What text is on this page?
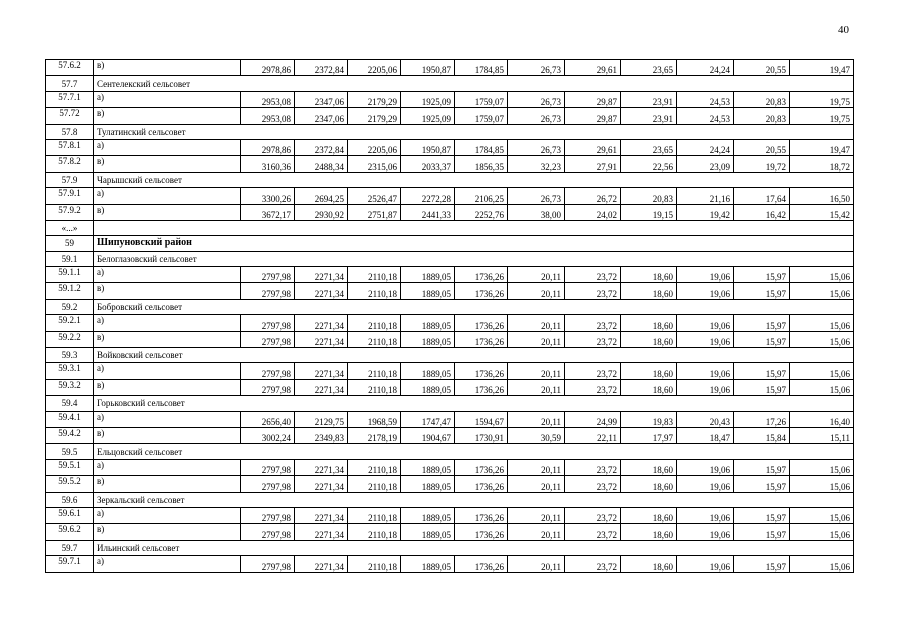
40
57.6.2	в)	2978,86	2372,84	2205,06	1950,87	1784,85	26,73	29,61	23,65	24,24	20,55	19,47
57.7	Сентелекский сельсовет											
57.7.1	а)	2953,08	2347,06	2179,29	1925,09	1759,07	26,73	29,87	23,91	24,53	20,83	19,75
57.72	в)	2953,08	2347,06	2179,29	1925,09	1759,07	26,73	29,87	23,91	24,53	20,83	19,75
57.8	Тулатинский сельсовет											
57.8.1	а)	2978,86	2372,84	2205,06	1950,87	1784,85	26,73	29,61	23,65	24,24	20,55	19,47
57.8.2	в)	3160,36	2488,34	2315,06	2033,37	1856,35	32,23	27,91	22,56	23,09	19,72	18,72
57.9	Чарышский сельсовет											
57.9.1	а)	3300,26	2694,25	2526,47	2272,28	2106,25	26,73	26,72	20,83	21,16	17,64	16,50
57.9.2	в)	3672,17	2930,92	2751,87	2441,33	2252,76	38,00	24,02	19,15	19,42	16,42	15,42
«...»												
59	Шипуновский район											
59.1	Белоглазовский сельсовет											
59.1.1	а)	2797,98	2271,34	2110,18	1889,05	1736,26	20,11	23,72	18,60	19,06	15,97	15,06
59.1.2	в)	2797,98	2271,34	2110,18	1889,05	1736,26	20,11	23,72	18,60	19,06	15,97	15,06
59.2	Бобровский сельсовет											
59.2.1	а)	2797,98	2271,34	2110,18	1889,05	1736,26	20,11	23,72	18,60	19,06	15,97	15,06
59.2.2	в)	2797,98	2271,34	2110,18	1889,05	1736,26	20,11	23,72	18,60	19,06	15,97	15,06
59.3	Войковский сельсовет											
59.3.1	а)	2797,98	2271,34	2110,18	1889,05	1736,26	20,11	23,72	18,60	19,06	15,97	15,06
59.3.2	в)	2797,98	2271,34	2110,18	1889,05	1736,26	20,11	23,72	18,60	19,06	15,97	15,06
59.4	Горьковский сельсовет											
59.4.1	а)	2656,40	2129,75	1968,59	1747,47	1594,67	20,11	24,99	19,83	20,43	17,26	16,40
59.4.2	в)	3002,24	2349,83	2178,19	1904,67	1730,91	30,59	22,11	17,97	18,47	15,84	15,11
59.5	Ельцовский сельсовет											
59.5.1	а)	2797,98	2271,34	2110,18	1889,05	1736,26	20,11	23,72	18,60	19,06	15,97	15,06
59.5.2	в)	2797,98	2271,34	2110,18	1889,05	1736,26	20,11	23,72	18,60	19,06	15,97	15,06
59.6	Зеркальский сельсовет											
59.6.1	а)	2797,98	2271,34	2110,18	1889,05	1736,26	20,11	23,72	18,60	19,06	15,97	15,06
59.6.2	в)	2797,98	2271,34	2110,18	1889,05	1736,26	20,11	23,72	18,60	19,06	15,97	15,06
59.7	Ильинский сельсовет											
59.7.1	а)	2797,98	2271,34	2110,18	1889,05	1736,26	20,11	23,72	18,60	19,06	15,97	15,06
